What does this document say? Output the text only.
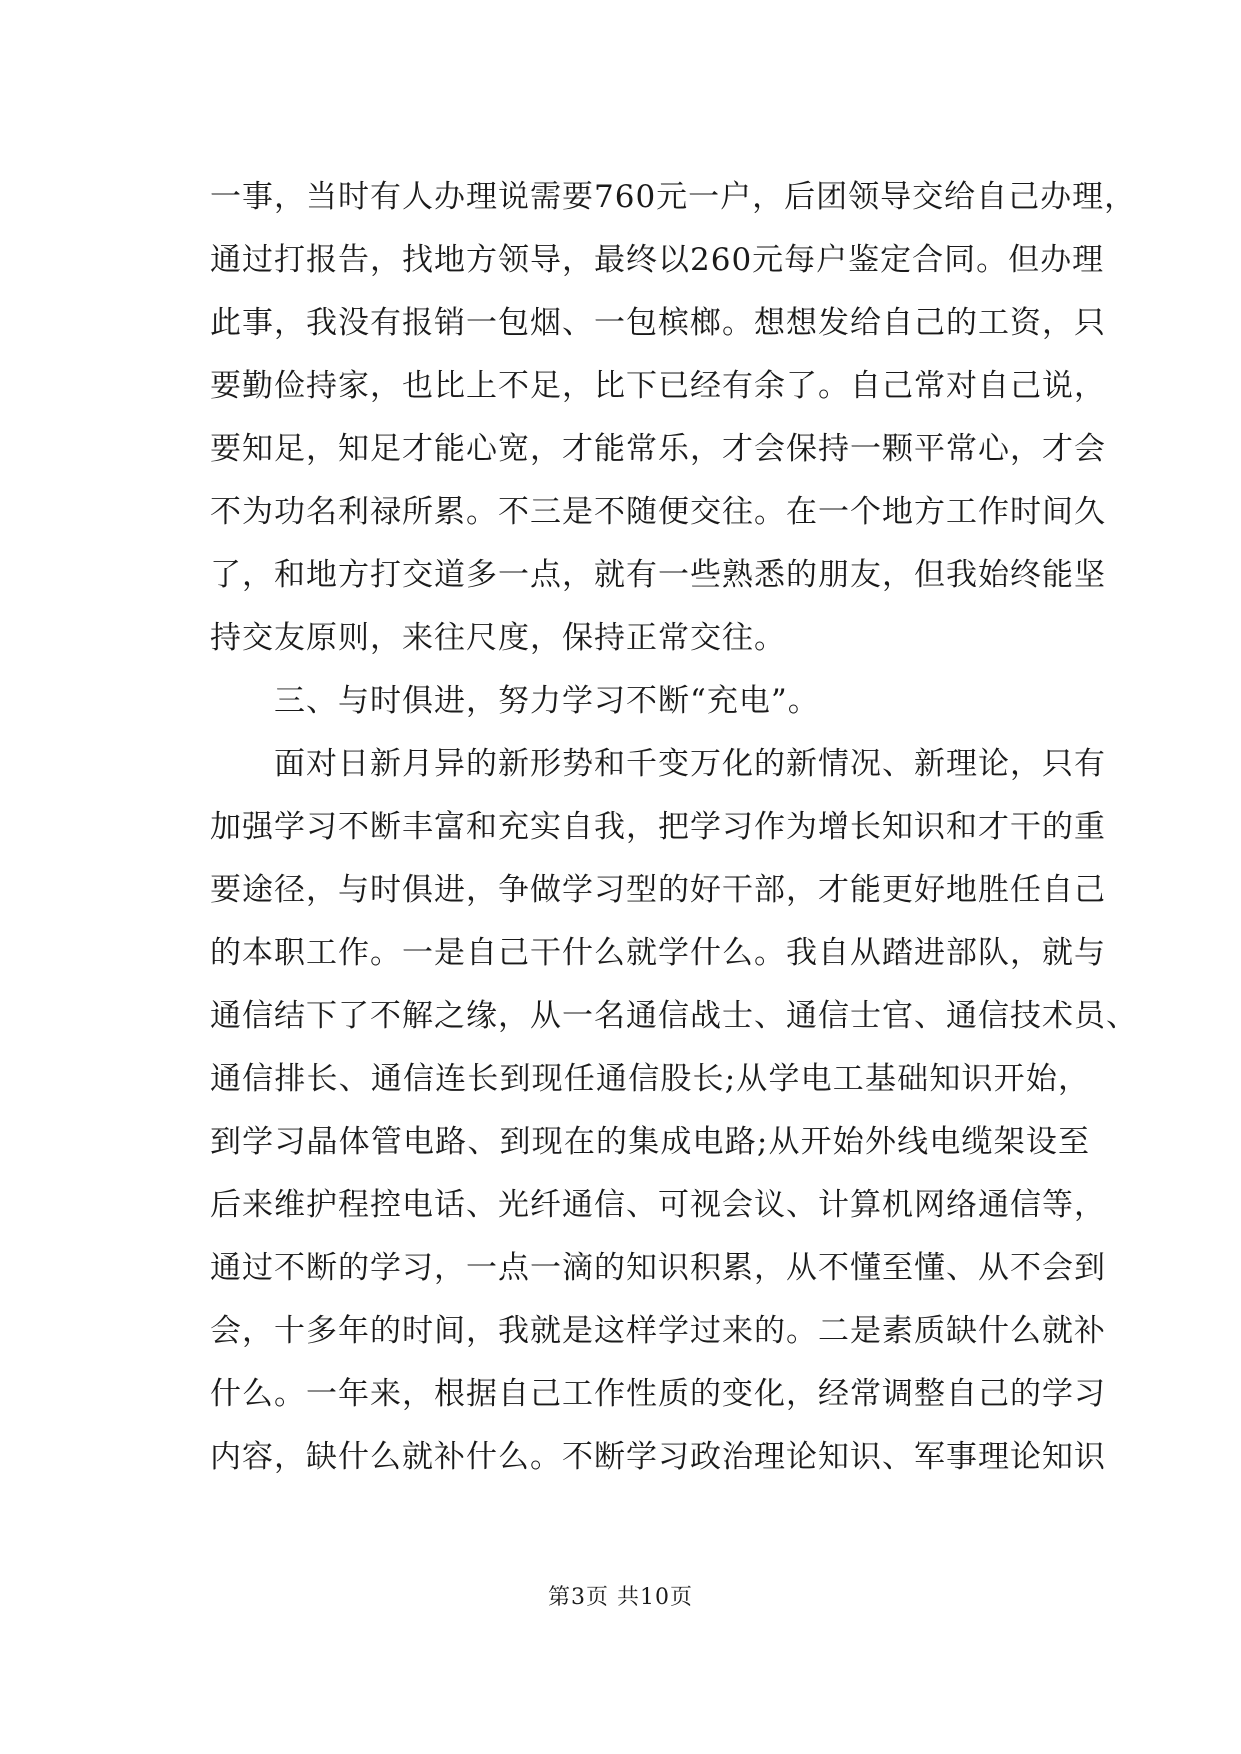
一事，当时有人办理说需要760元一户，后团领导交给自己办理，
通过打报告，找地方领导，最终以260元每户鉴定合同。但办理
此事，我没有报销一包烟、一包槟榔。想想发给自己的工资，只
要勤俭持家，也比上不足，比下已经有余了。自己常对自己说，
要知足，知足才能心宽，才能常乐，才会保持一颗平常心，才会
不为功名利禄所累。不三是不随便交往。在一个地方工作时间久
了，和地方打交道多一点，就有一些熟悉的朋友，但我始终能坚
持交友原则，来往尺度，保持正常交往。
三、与时俱进，努力学习不断“充电”。
面对日新月异的新形势和千变万化的新情况、新理论，只有
加强学习不断丰富和充实自我，把学习作为增长知识和才干的重
要途径，与时俱进，争做学习型的好干部，才能更好地胜任自己
的本职工作。一是自己干什么就学什么。我自从踏进部队，就与
通信结下了不解之缘，从一名通信战士、通信士官、通信技术员、
通信排长、通信连长到现任通信股长;从学电工基础知识开始，
到学习晶体管电路、到现在的集成电路;从开始外线电缆架设至
后来维护程控电话、光纤通信、可视会议、计算机网络通信等，
通过不断的学习，一点一滴的知识积累，从不懂至懂、从不会到
会，十多年的时间，我就是这样学过来的。二是素质缺什么就补
什么。一年来，根据自己工作性质的变化，经常调整自己的学习
内容，缺什么就补什么。不断学习政治理论知识、军事理论知识
第3页 共10页
